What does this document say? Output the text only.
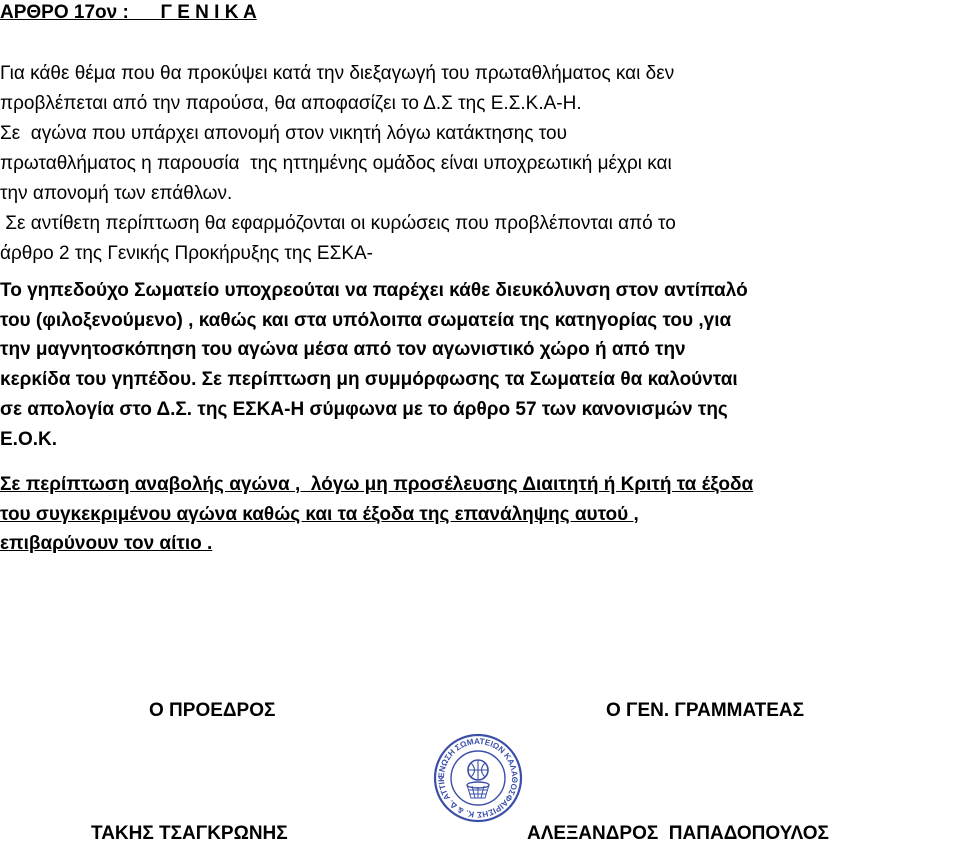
ΑΡΘΡΟ 17ον :      Γ Ε Ν Ι Κ Α
Για κάθε θέμα που θα προκύψει κατά την διεξαγωγή του πρωταθλήματος και δεν
προβλέπεται από την παρούσα, θα αποφασίζει το Δ.Σ της Ε.Σ.Κ.Α-Η.
Σε  αγώνα που υπάρχει απονομή στον νικητή λόγω κατάκτησης του
πρωταθλήματος η παρουσία  της ηττημένης ομάδος είναι υποχρεωτική μέχρι και
την απονομή των επάθλων.
Σε αντίθετη περίπτωση θα εφαρμόζονται οι κυρώσεις που προβλέπονται από το
άρθρο 2 της Γενικής Προκήρυξης της ΕΣΚΑ-
Το γηπεδούχο Σωματείο υποχρεούται να παρέχει κάθε διευκόλυνση στον αντίπαλό
του (φιλοξενούμενο) , καθώς και στα υπόλοιπα σωματεία της κατηγορίας του ,για
την μαγνητοσκόπηση του αγώνα μέσα από τον αγωνιστικό χώρο ή από την
κερκίδα του γηπέδου. Σε περίπτωση μη συμμόρφωσης τα Σωματεία θα καλούνται
σε απολογία στο Δ.Σ. της ΕΣΚΑ-Η σύμφωνα με το άρθρο 57 των κανονισμών της
Ε.Ο.Κ.
Σε περίπτωση αναβολής αγώνα ,  λόγω μη προσέλευσης Διαιτητή ή Κριτή τα έξοδα
του συγκεκριμένου αγώνα καθώς και τα έξοδα της επανάληψης αυτού ,
επιβαρύνουν τον αίτιο .
Ο ΠΡΟΕΔΡΟΣ	Ο ΓΕΝ. ΓΡΑΜΜΑΤΕΑΣ
ΕΝΩΣΗ ΣΩΜΑΤΕΙΩΝ ΚΑΛΑΘΟΣΦΑΙΡΙΣΗΣ Κ. & Δ. ΑΤΤΙΚ
ΤΑΚΗΣ ΤΣΑΓΚΡΩΝΗΣ	ΑΛΕΞΑΝΔΡΟΣ  ΠΑΠΑΔΟΠΟΥΛΟΣ
